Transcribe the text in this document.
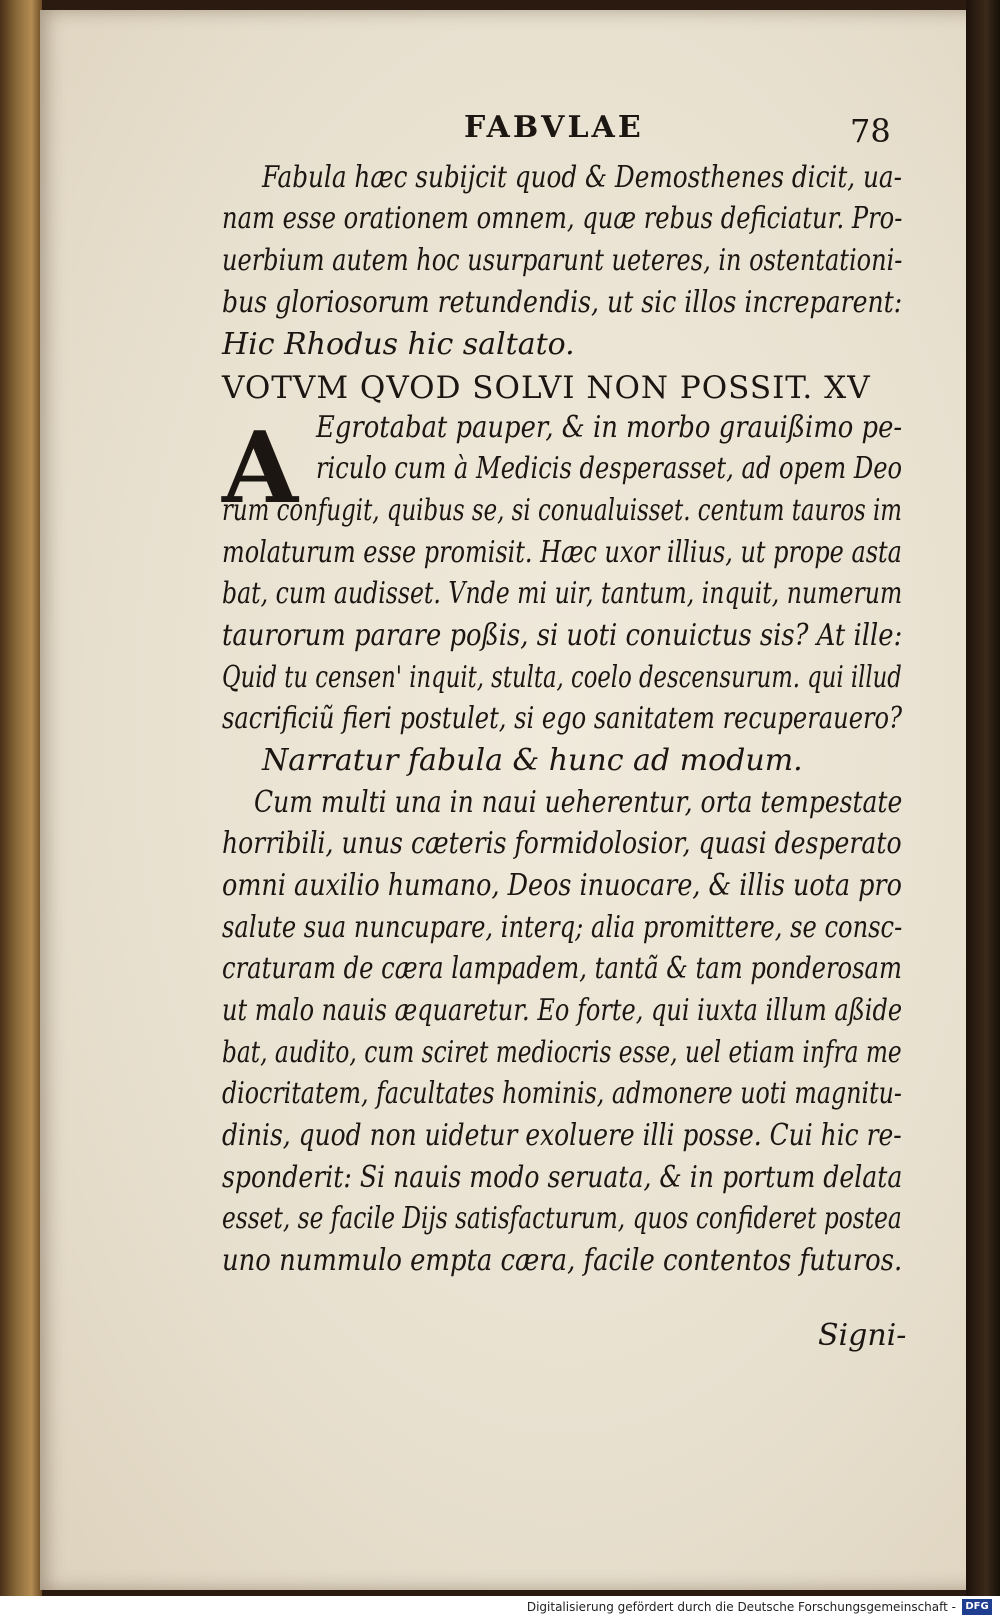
FABVLAE	78
Fabula hæc subijcit quod & Demosthenes dicit, ua-
nam esse orationem omnem, quæ rebus deficiatur. Pro-
uerbium autem hoc usurparunt ueteres, in ostentationi-
bus gloriosorum retundendis, ut sic illos increparent:
Hic Rhodus hic saltato.
VOTVM QVOD SOLVI NON POSSIT. XV
A Egrotabat pauper, & in morbo grauißimo pe-
riculo cum à Medicis desperasset, ad opem Deo
rum confugit, quibus se, si conualuisset. centum tauros im
molaturum esse promisit. Hæc uxor illius, ut prope asta
bat, cum audisset. Vnde mi uir, tantum, inquit, numerum
taurorum parare poßis, si uoti conuictus sis? At ille:
Quid tu censen' inquit, stulta, coelo descensurum. qui illud
sacrificiũ fieri postulet, si ego sanitatem recuperauero?
Narratur fabula & hunc ad modum.
Cum multi una in naui ueherentur, orta tempestate
horribili, unus cæteris formidolosior, quasi desperato
omni auxilio humano, Deos inuocare, & illis uota pro
salute sua nuncupare, interq; alia promittere, se consc-
craturam de cæra lampadem, tantã & tam ponderosam
ut malo nauis æquaretur. Eo forte, qui iuxta illum aßide
bat, audito, cum sciret mediocris esse, uel etiam infra me
diocritatem, facultates hominis, admonere uoti magnitu-
dinis, quod non uidetur exoluere illi posse. Cui hic re-
sponderit: Si nauis modo seruata, & in portum delata
esset, se facile Dijs satisfacturum, quos confideret postea
uno nummulo empta cæra, facile contentos futuros.
Signi-
Digitalisierung gefördert durch die Deutsche Forschungsgemeinschaft - DFG
